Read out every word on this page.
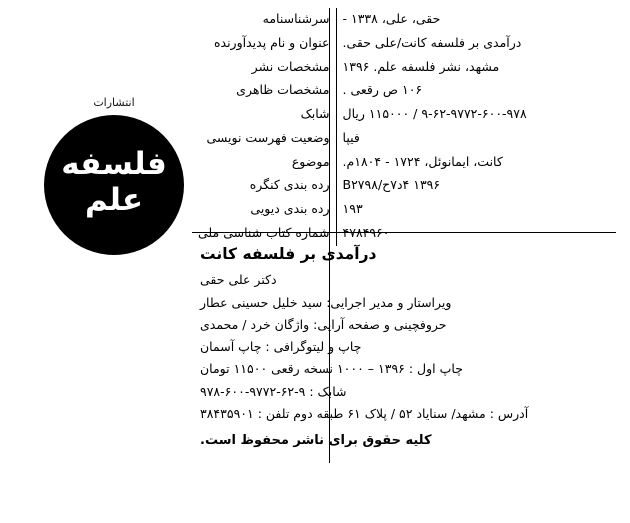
حقی، علی، ۱۳۳۸ -	سرشناسنامه

درآمدی بر فلسفه کانت/علی حقی.	عنوان و نام پدیدآورنده

مشهد، نشر فلسفه علم. ۱۳۹۶	مشخصات نشر

۱۰۶ ص رقعی .	مشخصات ظاهری

۹-۶۲-۹۷۷۲-۶۰۰-۹۷۸ / ۱۱۵۰۰۰ ریال	شابک

فیپا	وضعیت فهرست نویسی

کانت، ایمانوئل، ۱۷۲۴ - ۱۸۰۴م.	موضوع

۱۳۹۶ ۴د۷ح/B۲۷۹۸	رده بندی کنگره

۱۹۳	رده بندی دیویی

۴۷۸۴۹۶۰	شماره کتاب شناسی ملی
درآمدی بر فلسفه کانت
دکتر علی حقی
ویراستار و مدیر اجرایی: سید خلیل حسینی عطار
حروفچینی و صفحه آرایی: واژگان خرد / محمدی
چاپ و لیتوگرافی : چاپ آسمان
چاپ اول : ۱۳۹۶ – ۱۰۰۰ نسخه رقعی ۱۱۵۰۰ تومان
شابک : ۹-۶۲-۹۷۷۲-۶۰۰-۹۷۸
آدرس : مشهد/ سنایاد ۵۲ / پلاک ۶۱ طبقه دوم تلفن : ۳۸۴۳۵۹۰۱
کلیه حقوق برای ناشر محفوظ است.
انتشارات
فلسفه
علم
